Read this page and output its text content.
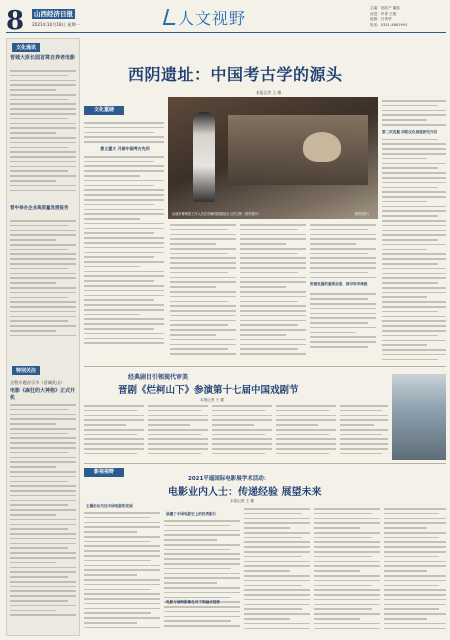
8	山西经济日报
2021年10月18日 星期一	人文视野
主编：范屹产 董茹
视觉：许青 王艳
组版：白秀华
电话：0351-4661993
文化逸讯
晋城大原长园首窝自养老电影
晋中举办企业高质量发展报告
特别关注
全程专题音乐节（晋城发出）
电影《麻狂的大神抱》正式开机
西阴遗址：中国考古学的源头
本报记者 王 耀
文化重磅
运城市博物馆工作人员在讲解西阴遗址出土的文物（资料图片）	（资料图片）
意义重大 开辟中国考古先河
资源发掘的重要前景，探寻科学奥秘
第二次发掘 西阴文化深度研究开启
经典剧目引领现代审美
晋剧《烂柯山下》参演第十七届中国戏剧节
本报记者 王 耀
影视视野
2021平遥国际电影展学术活动：
电影业内人士：传递经验 展望未来
本报记者 王 耀
主题论坛关注中国电影的发展
展播了中国电影史上的优秀影片
电影与展映影像在当下的融合趋势
